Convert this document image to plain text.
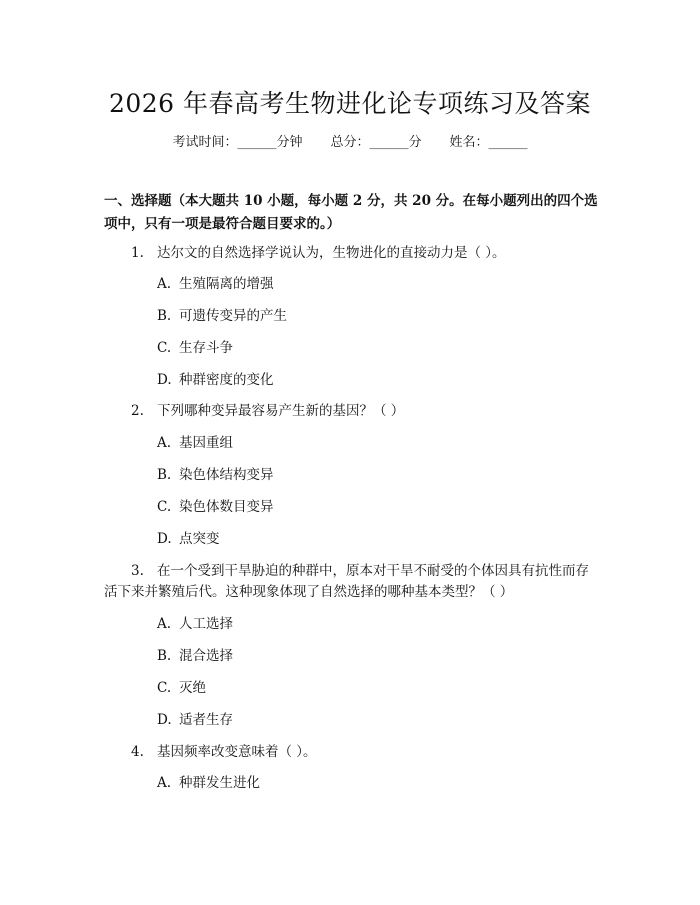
2026 年春高考生物进化论专项练习及答案
考试时间：______分钟 总分：______分 姓名：______
一、选择题（本大题共 10 小题，每小题 2 分，共 20 分。在每小题列出的四个选项中，只有一项是最符合题目要求的。）
1. 达尔文的自然选择学说认为，生物进化的直接动力是（ ）。
A. 生殖隔离的增强
B. 可遗传变异的产生
C. 生存斗争
D. 种群密度的变化
2. 下列哪种变异最容易产生新的基因？（ ）
A. 基因重组
B. 染色体结构变异
C. 染色体数目变异
D. 点突变
3. 在一个受到干旱胁迫的种群中，原本对干旱不耐受的个体因具有抗性而存
活下来并繁殖后代。这种现象体现了自然选择的哪种基本类型？（ ）
A. 人工选择
B. 混合选择
C. 灭绝
D. 适者生存
4. 基因频率改变意味着（ ）。
A. 种群发生进化
